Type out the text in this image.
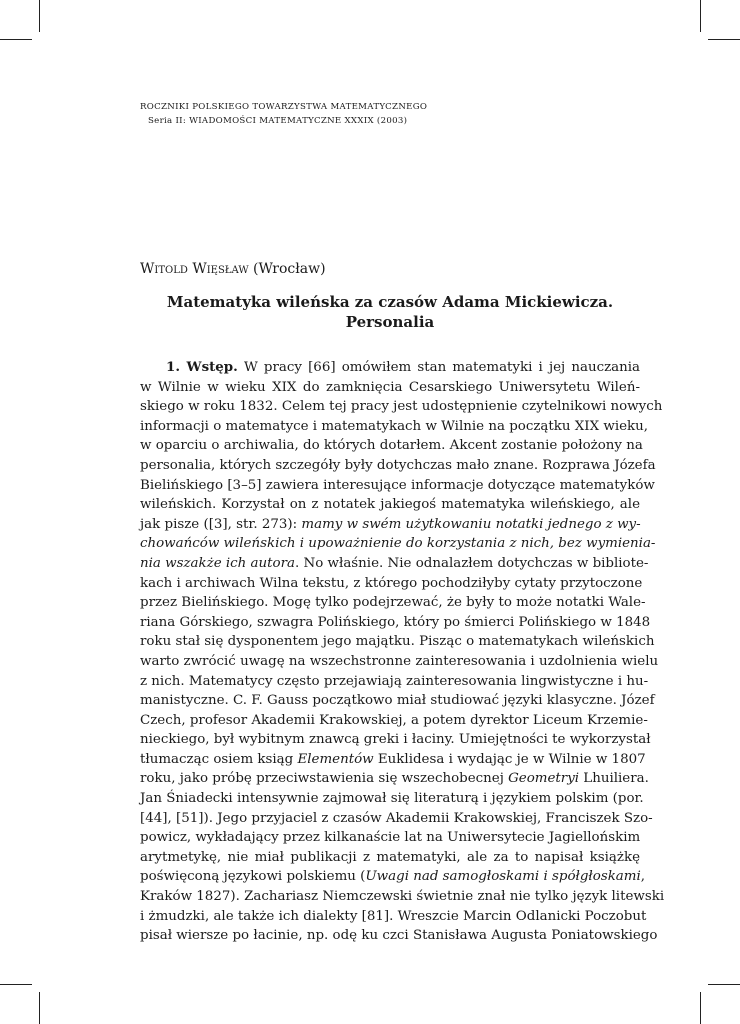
ROCZNIKI POLSKIEGO TOWARZYSTWA MATEMATYCZNEGO
Seria II: WIADOMOŚCI MATEMATYCZNE XXXIX (2003)
Witold Więsław (Wrocław)
Matematyka wileńska za czasów Adama Mickiewicza.
Personalia
1. Wstęp. W pracy [66] omówiłem stan matematyki i jej nauczania
w Wilnie w wieku XIX do zamknięcia Cesarskiego Uniwersytetu Wileń-
skiego w roku 1832. Celem tej pracy jest udostępnienie czytelnikowi nowych
informacji o matematyce i matematykach w Wilnie na początku XIX wieku,
w oparciu o archiwalia, do których dotarłem. Akcent zostanie położony na
personalia, których szczegóły były dotychczas mało znane. Rozprawa Józefa
Bielińskiego [3–5] zawiera interesujące informacje dotyczące matematyków
wileńskich. Korzystał on z notatek jakiegoś matematyka wileńskiego, ale
jak pisze ([3], str. 273): mamy w swém użytkowaniu notatki jednego z wy-
chowańców wileńskich i upoważnienie do korzystania z nich, bez wymienia-
nia wszakże ich autora. No właśnie. Nie odnalazłem dotychczas w bibliote-
kach i archiwach Wilna tekstu, z którego pochodziłyby cytaty przytoczone
przez Bielińskiego. Mogę tylko podejrzewać, że były to może notatki Wale-
riana Górskiego, szwagra Polińskiego, który po śmierci Polińskiego w 1848
roku stał się dysponentem jego majątku. Pisząc o matematykach wileńskich
warto zwrócić uwagę na wszechstronne zainteresowania i uzdolnienia wielu
z nich. Matematycy często przejawiają zainteresowania lingwistyczne i hu-
manistyczne. C. F. Gauss początkowo miał studiować języki klasyczne. Józef
Czech, profesor Akademii Krakowskiej, a potem dyrektor Liceum Krzemie-
nieckiego, był wybitnym znawcą greki i łaciny. Umiejętności te wykorzystał
tłumacząc osiem ksiąg Elementów Euklidesa i wydając je w Wilnie w 1807
roku, jako próbę przeciwstawienia się wszechobecnej Geometryi Lhuiliera.
Jan Śniadecki intensywnie zajmował się literaturą i językiem polskim (por.
[44], [51]). Jego przyjaciel z czasów Akademii Krakowskiej, Franciszek Szo-
powicz, wykładający przez kilkanaście lat na Uniwersytecie Jagiellońskim
arytmetykę, nie miał publikacji z matematyki, ale za to napisał książkę
poświęconą językowi polskiemu (Uwagi nad samogłoskami i spółgłoskami,
Kraków 1827). Zachariasz Niemczewski świetnie znał nie tylko język litewski
i żmudzki, ale także ich dialekty [81]. Wreszcie Marcin Odlanicki Poczobut
pisał wiersze po łacinie, np. odę ku czci Stanisława Augusta Poniatowskiego
